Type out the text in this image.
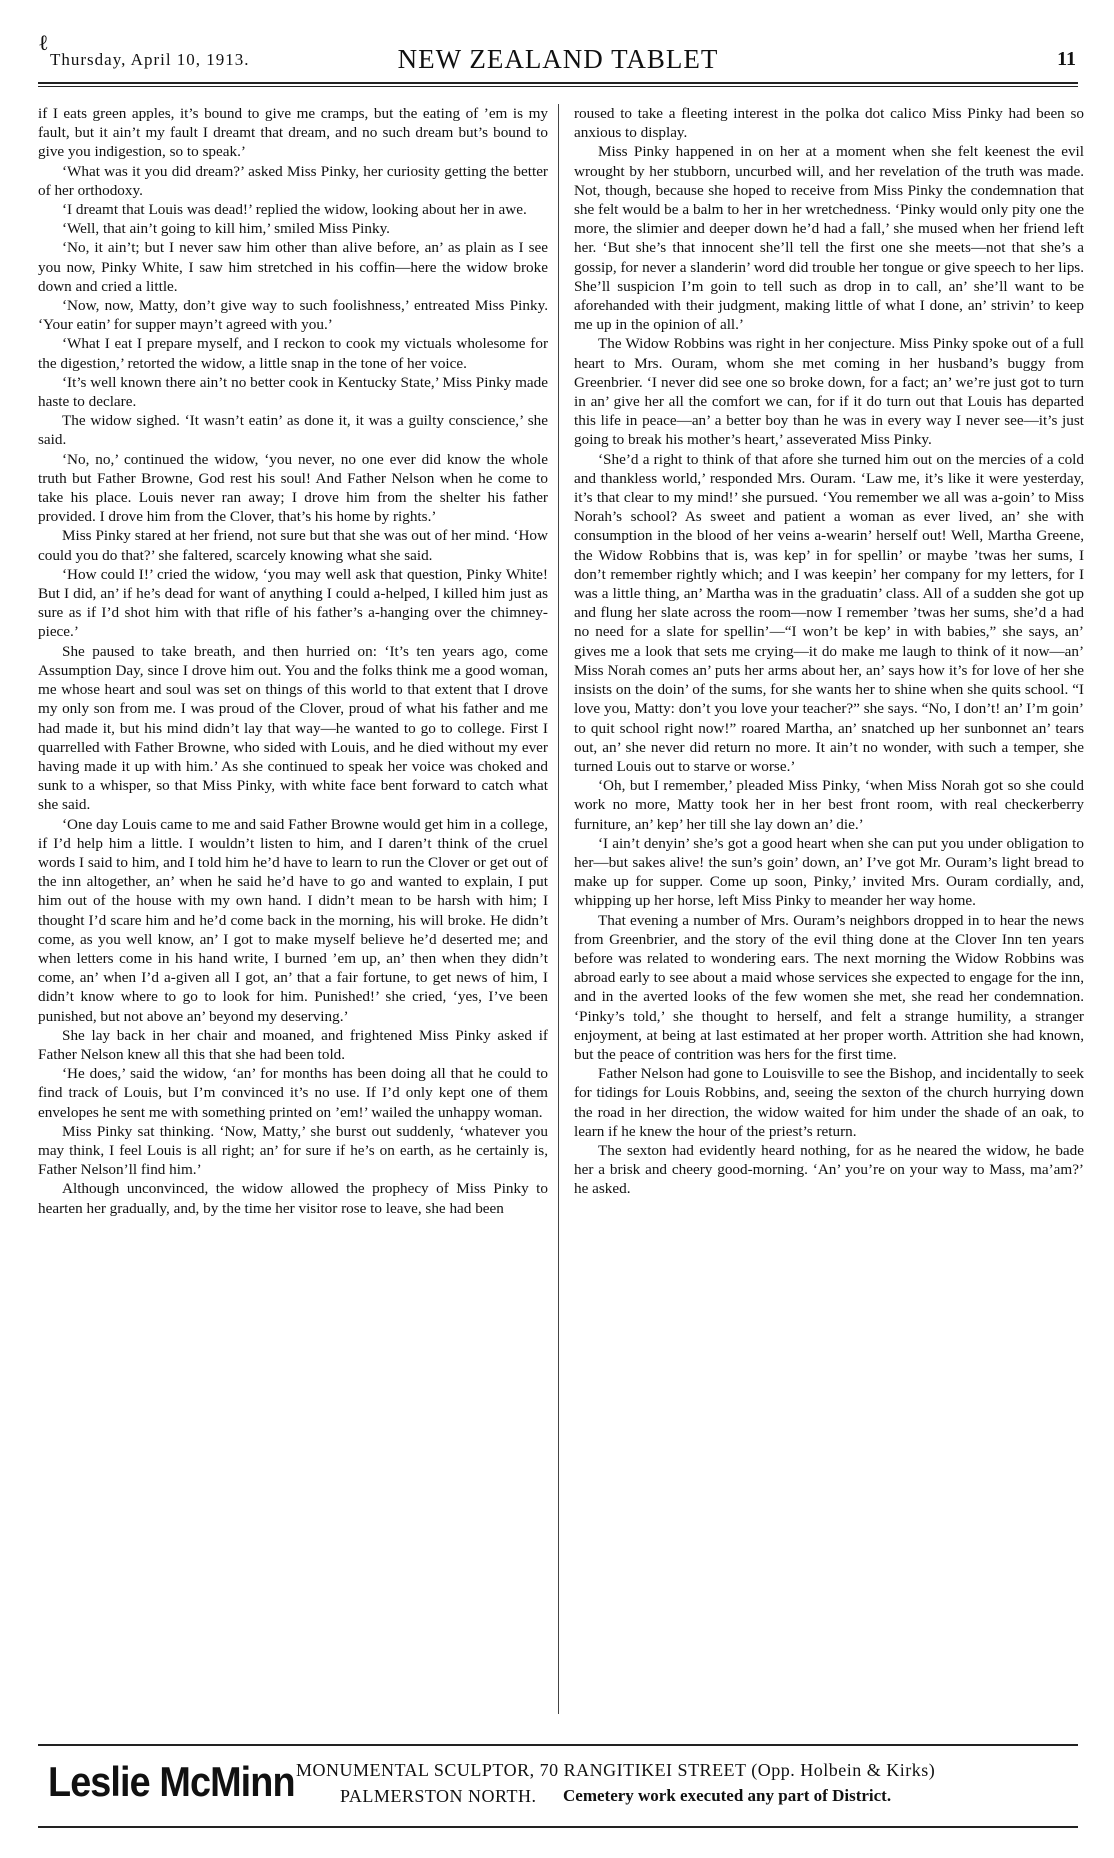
ℓ
Thursday, April 10, 1913.	NEW ZEALAND TABLET	11

if I eats green apples, it’s bound to give me cramps, but the eating of ’em is my fault, but it ain’t my fault I dreamt that dream, and no such dream but’s bound to give you indigestion, so to speak.’

‘What was it you did dream?’ asked Miss Pinky, her curiosity getting the better of her orthodoxy.

‘I dreamt that Louis was dead!’ replied the widow, looking about her in awe.

‘Well, that ain’t going to kill him,’ smiled Miss Pinky.

‘No, it ain’t; but I never saw him other than alive before, an’ as plain as I see you now, Pinky White, I saw him stretched in his coffin—here the widow broke down and cried a little.

‘Now, now, Matty, don’t give way to such foolishness,’ entreated Miss Pinky. ‘Your eatin’ for supper mayn’t agreed with you.’

‘What I eat I prepare myself, and I reckon to cook my victuals wholesome for the digestion,’ retorted the widow, a little snap in the tone of her voice.

‘It’s well known there ain’t no better cook in Kentucky State,’ Miss Pinky made haste to declare.

The widow sighed. ‘It wasn’t eatin’ as done it, it was a guilty conscience,’ she said.

‘No, no,’ continued the widow, ‘you never, no one ever did know the whole truth but Father Browne, God rest his soul! And Father Nelson when he come to take his place. Louis never ran away; I drove him from the shelter his father provided. I drove him from the Clover, that’s his home by rights.’

Miss Pinky stared at her friend, not sure but that she was out of her mind. ‘How could you do that?’ she faltered, scarcely knowing what she said.

‘How could I!’ cried the widow, ‘you may well ask that question, Pinky White! But I did, an’ if he’s dead for want of anything I could a-helped, I killed him just as sure as if I’d shot him with that rifle of his father’s a-hanging over the chimney-piece.’

She paused to take breath, and then hurried on: ‘It’s ten years ago, come Assumption Day, since I drove him out. You and the folks think me a good woman, me whose heart and soul was set on things of this world to that extent that I drove my only son from me. I was proud of the Clover, proud of what his father and me had made it, but his mind didn’t lay that way—he wanted to go to college. First I quarrelled with Father Browne, who sided with Louis, and he died without my ever having made it up with him.’ As she continued to speak her voice was choked and sunk to a whisper, so that Miss Pinky, with white face bent forward to catch what she said.

‘One day Louis came to me and said Father Browne would get him in a college, if I’d help him a little. I wouldn’t listen to him, and I daren’t think of the cruel words I said to him, and I told him he’d have to learn to run the Clover or get out of the inn altogether, an’ when he said he’d have to go and wanted to explain, I put him out of the house with my own hand. I didn’t mean to be harsh with him; I thought I’d scare him and he’d come back in the morning, his will broke. He didn’t come, as you well know, an’ I got to make myself believe he’d deserted me; and when letters come in his hand write, I burned ’em up, an’ then when they didn’t come, an’ when I’d a-given all I got, an’ that a fair fortune, to get news of him, I didn’t know where to go to look for him. Punished!’ she cried, ‘yes, I’ve been punished, but not above an’ beyond my deserving.’

She lay back in her chair and moaned, and frightened Miss Pinky asked if Father Nelson knew all this that she had been told.

‘He does,’ said the widow, ‘an’ for months has been doing all that he could to find track of Louis, but I’m convinced it’s no use. If I’d only kept one of them envelopes he sent me with something printed on ’em!’ wailed the unhappy woman.

Miss Pinky sat thinking. ‘Now, Matty,’ she burst out suddenly, ‘whatever you may think, I feel Louis is all right; an’ for sure if he’s on earth, as he certainly is, Father Nelson’ll find him.’

Although unconvinced, the widow allowed the prophecy of Miss Pinky to hearten her gradually, and, by the time her visitor rose to leave, she had been

roused to take a fleeting interest in the polka dot calico Miss Pinky had been so anxious to display.

Miss Pinky happened in on her at a moment when she felt keenest the evil wrought by her stubborn, uncurbed will, and her revelation of the truth was made. Not, though, because she hoped to receive from Miss Pinky the condemnation that she felt would be a balm to her in her wretchedness. ‘Pinky would only pity one the more, the slimier and deeper down he’d had a fall,’ she mused when her friend left her. ‘But she’s that innocent she’ll tell the first one she meets—not that she’s a gossip, for never a slanderin’ word did trouble her tongue or give speech to her lips. She’ll suspicion I’m goin to tell such as drop in to call, an’ she’ll want to be aforehanded with their judgment, making little of what I done, an’ strivin’ to keep me up in the opinion of all.’

The Widow Robbins was right in her conjecture. Miss Pinky spoke out of a full heart to Mrs. Ouram, whom she met coming in her husband’s buggy from Greenbrier. ‘I never did see one so broke down, for a fact; an’ we’re just got to turn in an’ give her all the comfort we can, for if it do turn out that Louis has departed this life in peace—an’ a better boy than he was in every way I never see—it’s just going to break his mother’s heart,’ asseverated Miss Pinky.

‘She’d a right to think of that afore she turned him out on the mercies of a cold and thankless world,’ responded Mrs. Ouram. ‘Law me, it’s like it were yesterday, it’s that clear to my mind!’ she pursued. ‘You remember we all was a-goin’ to Miss Norah’s school? As sweet and patient a woman as ever lived, an’ she with consumption in the blood of her veins a-wearin’ herself out! Well, Martha Greene, the Widow Robbins that is, was kep’ in for spellin’ or maybe ’twas her sums, I don’t remember rightly which; and I was keepin’ her company for my letters, for I was a little thing, an’ Martha was in the graduatin’ class. All of a sudden she got up and flung her slate across the room—now I remember ’twas her sums, she’d a had no need for a slate for spellin’—“I won’t be kep’ in with babies,” she says, an’ gives me a look that sets me crying—it do make me laugh to think of it now—an’ Miss Norah comes an’ puts her arms about her, an’ says how it’s for love of her she insists on the doin’ of the sums, for she wants her to shine when she quits school. “I love you, Matty: don’t you love your teacher?” she says. “No, I don’t! an’ I’m goin’ to quit school right now!” roared Martha, an’ snatched up her sunbonnet an’ tears out, an’ she never did return no more. It ain’t no wonder, with such a temper, she turned Louis out to starve or worse.’

‘Oh, but I remember,’ pleaded Miss Pinky, ‘when Miss Norah got so she could work no more, Matty took her in her best front room, with real checkerberry furniture, an’ kep’ her till she lay down an’ die.’

‘I ain’t denyin’ she’s got a good heart when she can put you under obligation to her—but sakes alive! the sun’s goin’ down, an’ I’ve got Mr. Ouram’s light bread to make up for supper. Come up soon, Pinky,’ invited Mrs. Ouram cordially, and, whipping up her horse, left Miss Pinky to meander her way home.

That evening a number of Mrs. Ouram’s neighbors dropped in to hear the news from Greenbrier, and the story of the evil thing done at the Clover Inn ten years before was related to wondering ears. The next morning the Widow Robbins was abroad early to see about a maid whose services she expected to engage for the inn, and in the averted looks of the few women she met, she read her condemnation. ‘Pinky’s told,’ she thought to herself, and felt a strange humility, a stranger enjoyment, at being at last estimated at her proper worth. Attrition she had known, but the peace of contrition was hers for the first time.

Father Nelson had gone to Louisville to see the Bishop, and incidentally to seek for tidings for Louis Robbins, and, seeing the sexton of the church hurrying down the road in her direction, the widow waited for him under the shade of an oak, to learn if he knew the hour of the priest’s return.

The sexton had evidently heard nothing, for as he neared the widow, he bade her a brisk and cheery good-morning. ‘An’ you’re on your way to Mass, ma’am?’ he asked.

Leslie McMinn MONUMENTAL SCULPTOR, 70 RANGITIKEI STREET (Opp. Holbein & Kirks)
PALMERSTON NORTH. Cemetery work executed any part of District.
